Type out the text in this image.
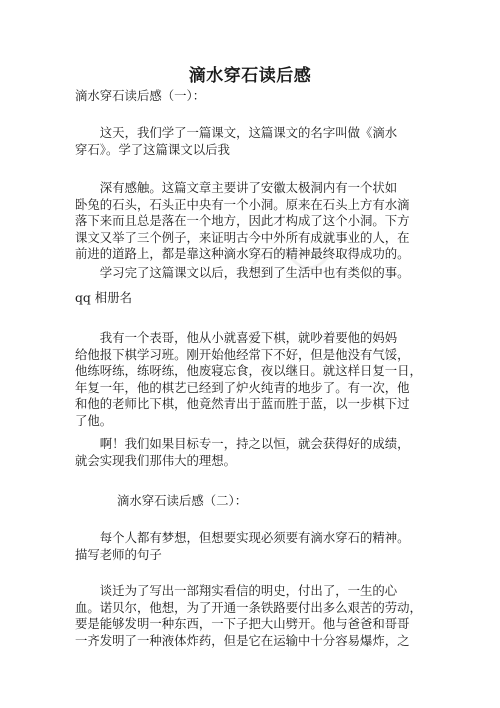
滴水穿石读后感
滴水穿石读后感（一）：
这天，我们学了一篇课文，这篇课文的名字叫做《滴水
穿石》。学了这篇课文以后我
深有感触。这篇文章主要讲了安徽太极洞内有一个状如
卧兔的石头，石头正中央有一个小洞。原来在石头上方有水滴
落下来而且总是落在一个地方，因此才构成了这个小洞。下方
课文又举了三个例子，来证明古今中外所有成就事业的人，在
前进的道路上，都是靠这种滴水穿石的精神最终取得成功的。
学习完了这篇课文以后，我想到了生活中也有类似的事。
qq 相册名
我有一个表哥，他从小就喜爱下棋，就吵着要他的妈妈
给他报下棋学习班。刚开始他经常下不好，但是他没有气馁，
他练呀练，练呀练，他废寝忘食，夜以继日。就这样日复一日，
年复一年，他的棋艺已经到了炉火纯青的地步了。有一次，他
和他的老师比下棋，他竟然青出于蓝而胜于蓝，以一步棋下过
了他。
啊！我们如果目标专一，持之以恒，就会获得好的成绩，
就会实现我们那伟大的理想。
滴水穿石读后感（二）：
每个人都有梦想，但想要实现必须要有滴水穿石的精神。
描写老师的句子
谈迁为了写出一部翔实看信的明史，付出了，一生的心
血。诺贝尔，他想，为了开通一条铁路要付出多么艰苦的劳动，
要是能够发明一种东西，一下子把大山劈开。他与爸爸和哥哥
一齐发明了一种液体炸药，但是它在运输中十分容易爆炸，之
